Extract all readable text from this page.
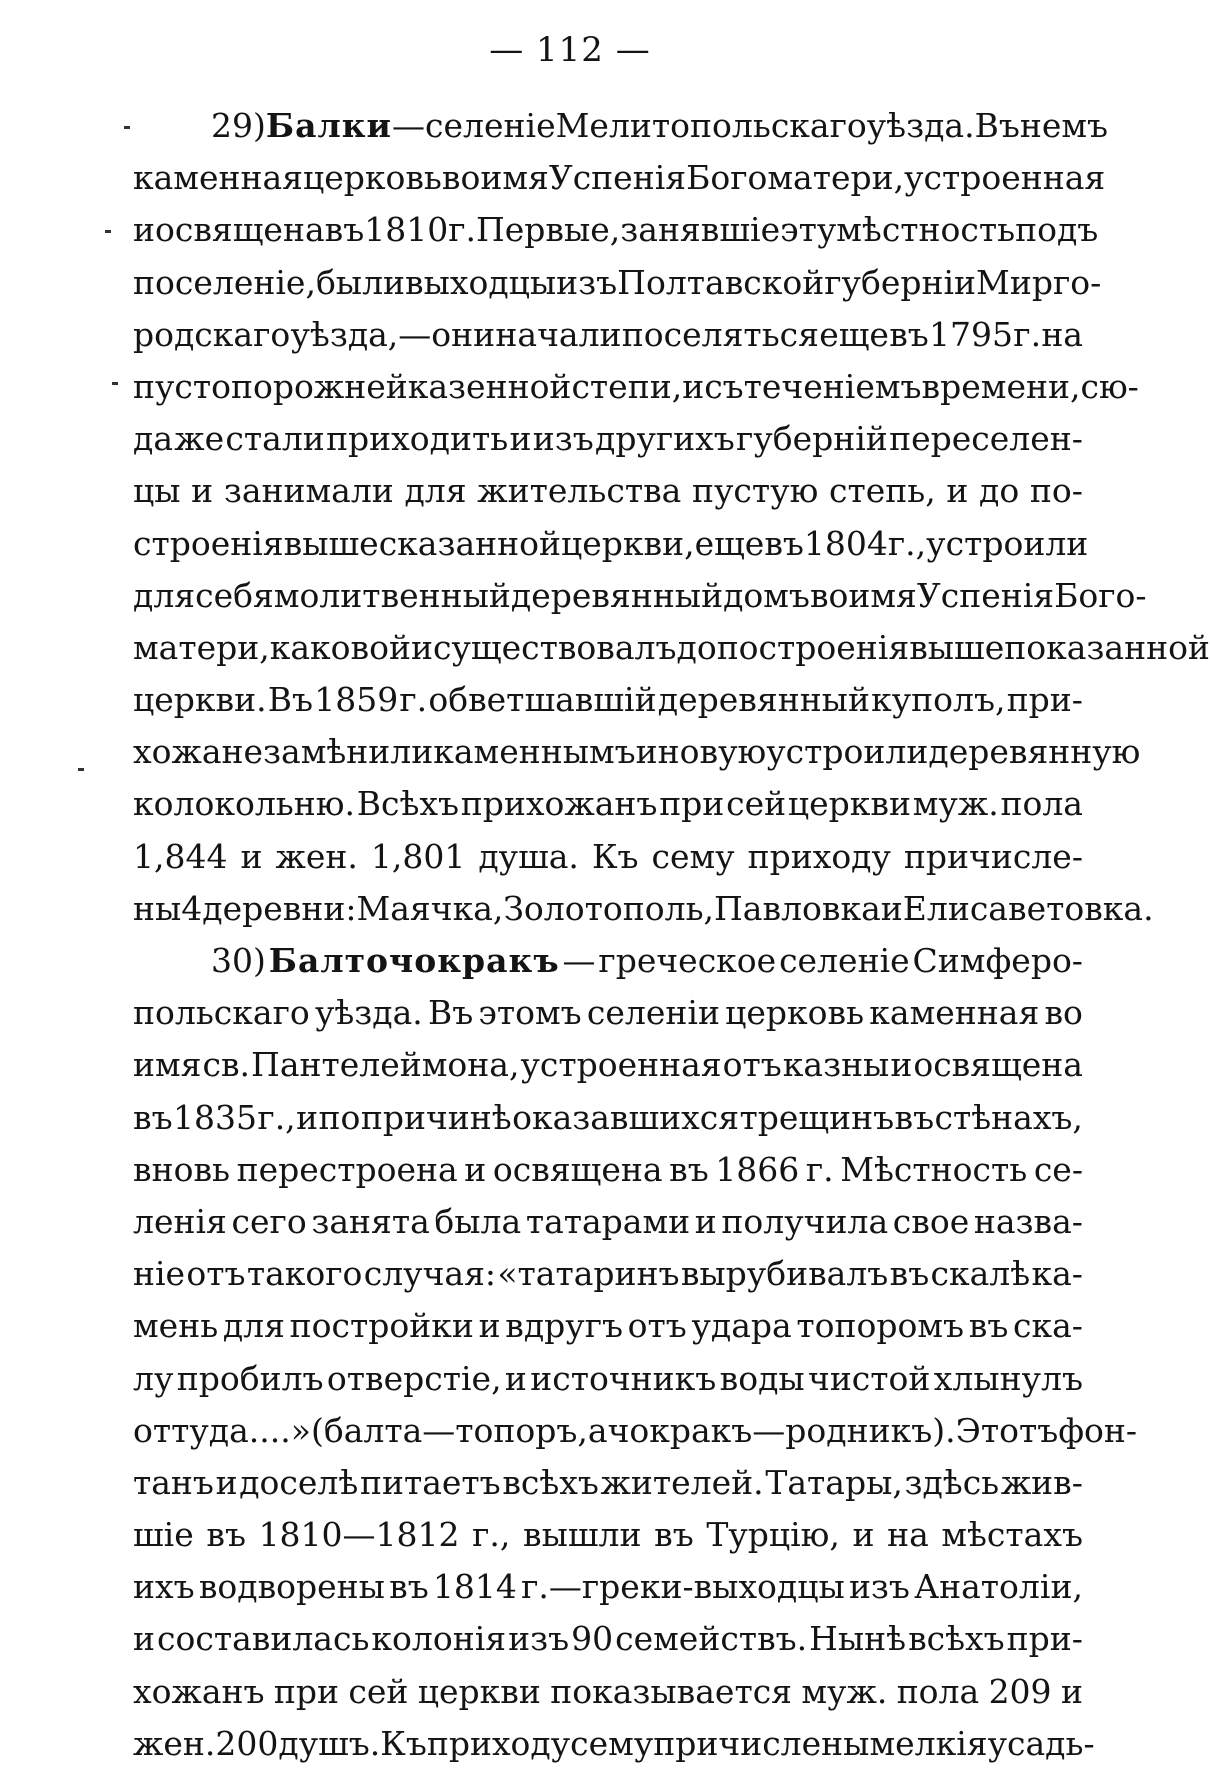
— 112 —
29) Балки — селеніе Мелитопольскаго уѣзда. Въ немъ
каменная церковь во имя Успенія Богоматери, устроенная
и освящена въ 1810 г. Первые, занявшіе эту мѣстность подъ
поселеніе, были выходцы изъ Полтавской губерніи Мирго-
родскаго уѣзда,—они начали поселяться еще въ 1795 г. на
пустопорожней казенной степи, и съ теченіемъ времени, сю-
да же стали приходить и изъ другихъ губерній переселен-
цы и занимали для жительства пустую степь, и до по-
строенія вышесказанной церкви, еще въ 1804 г., устроили
для себя молитвенный деревянный домъ во имя Успенія Бого-
матери, каковой и существовалъ до построенія вышепоказанной
церкви. Въ 1859 г. обветшавшій деревянный куполъ, при-
хожане замѣнили каменнымъ и новую устроили деревянную
колокольню. Всѣхъ прихожанъ при сей церкви муж. пола
1,844 и жен. 1,801 душа. Къ сему приходу причисле-
ны 4 деревни: Маячка, Золотополь, Павловка и Елисаветовка.
30) Балточокракъ — греческое селеніе Симферо-
польскаго уѣзда. Въ этомъ селеніи церковь каменная во
имя св. Пантелеймона, устроенная отъ казны и освящена
въ 1835 г., и по причинѣ оказавшихся трещинъ въ стѣнахъ,
вновь перестроена и освящена въ 1866 г. Мѣстность се-
ленія сего занята была татарами и получила свое назва-
ніе отъ такого случая: «татаринъ вырубивалъ въ скалѣ ка-
мень для постройки и вдругъ отъ удара топоромъ въ ска-
лу пробилъ отверстіе, и источникъ воды чистой хлынулъ
оттуда....» (балта—топоръ, а чокракъ—родникъ). Этотъ фон-
танъ и доселѣ питаетъ всѣхъ жителей. Татары, здѣсь жив-
шіе въ 1810—1812 г., вышли въ Турцію, и на мѣстахъ
ихъ водворены въ 1814 г.—греки-выходцы изъ Анатоліи,
и составилась колонія изъ 90 семействъ. Нынѣ всѣхъ при-
хожанъ при сей церкви показывается муж. пола 209 и
жен. 200 душъ. Къ приходу сему причислены мелкія усадь-
